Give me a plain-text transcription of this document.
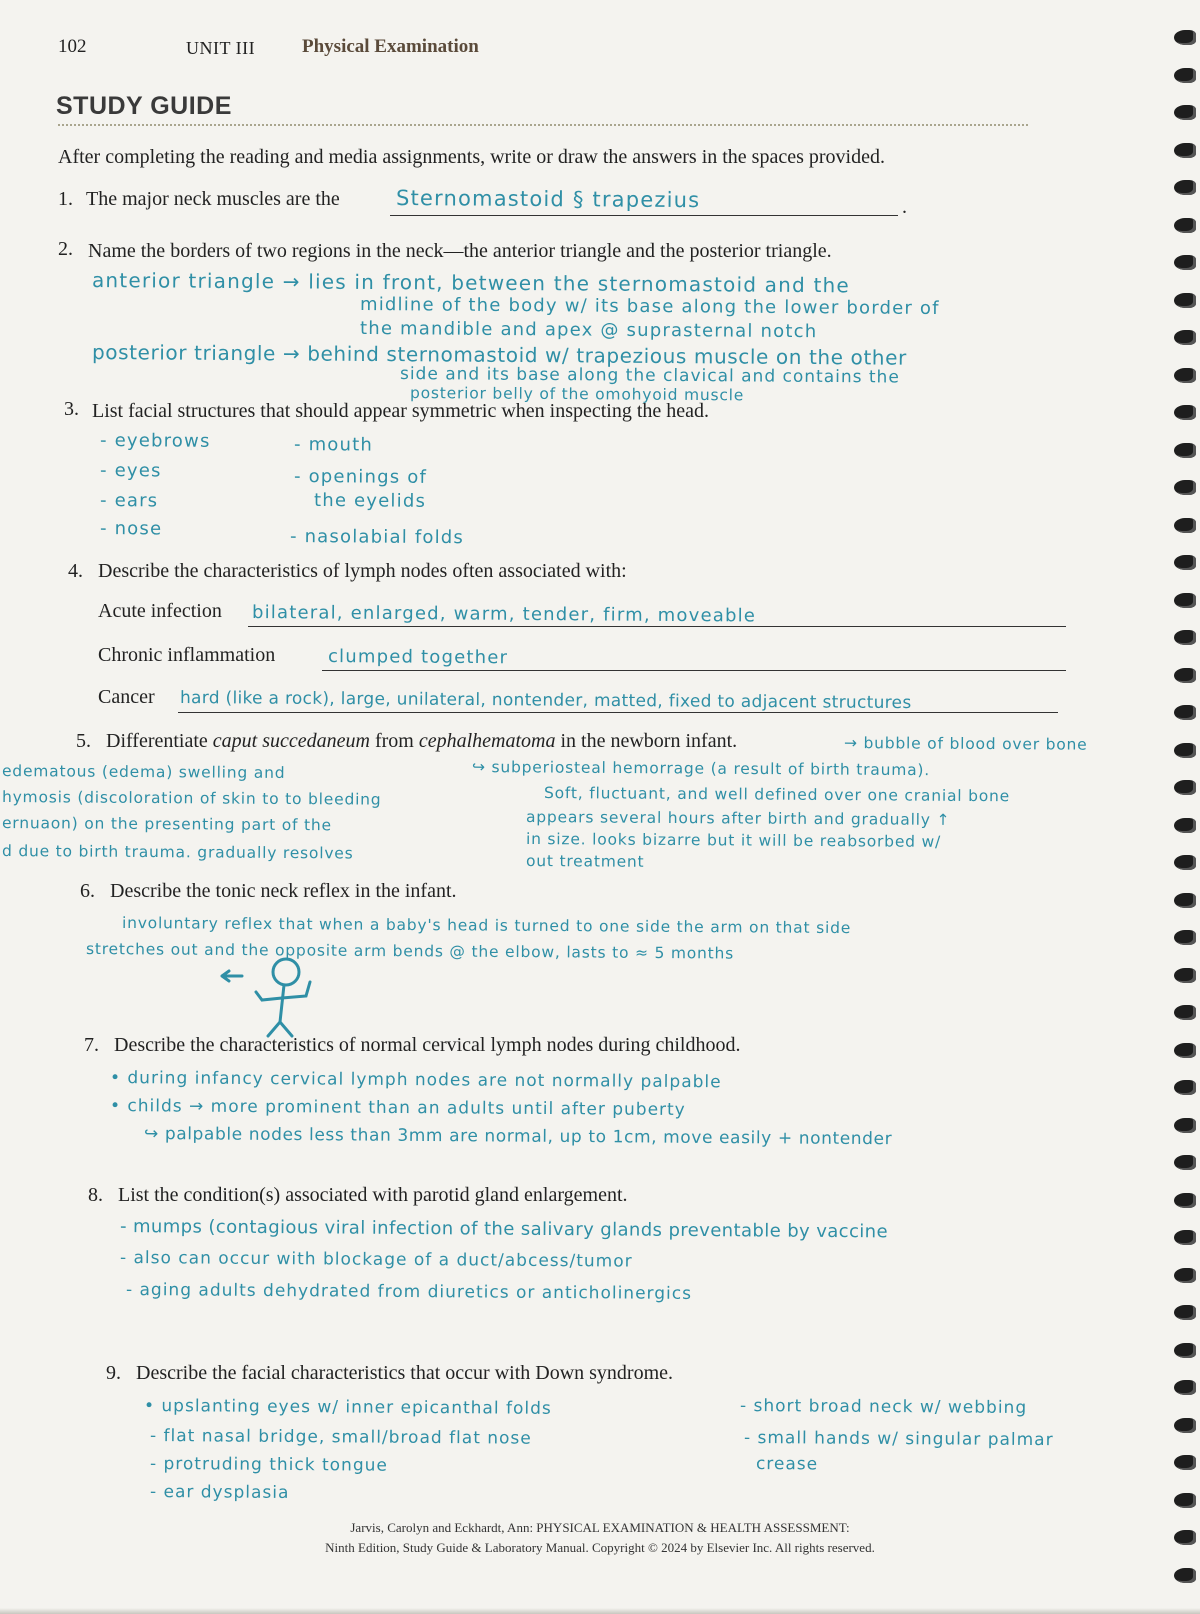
102	UNIT III Physical Examination
STUDY GUIDE
After completing the reading and media assignments, write or draw the answers in the spaces provided.
1. The major neck muscles are the	Sternomastoid § trapezius	.
2. Name the borders of two regions in the neck—the anterior triangle and the posterior triangle.
anterior triangle → lies in front, between the sternomastoid and the
midline of the body w/ its base along the lower border of
the mandible and apex @ suprasternal notch
posterior triangle → behind sternomastoid w/ trapezious muscle on the other
side and its base along the clavical and contains the
posterior belly of the omohyoid muscle
3. List facial structures that should appear symmetric when inspecting the head.
- eyebrows
- eyes
- ears
- nose
- mouth
- openings of
the eyelids
- nasolabial folds
4. Describe the characteristics of lymph nodes often associated with:
Acute infection bilateral, enlarged, warm, tender, firm, moveable
Chronic inflammation	clumped together
Cancer hard (like a rock), large, unilateral, nontender, matted, fixed to adjacent structures
5. Differentiate caput succedaneum from cephalhematoma in the newborn infant.	→ bubble of blood over bone
↪ subperiosteal hemorrage (a result of birth trauma).
Soft, fluctuant, and well defined over one cranial bone
appears several hours after birth and gradually ↑
in size. looks bizarre but it will be reabsorbed w/
out treatment
edematous (edema) swelling and
hymosis (discoloration of skin to to bleeding
ernuaon) on the presenting part of the
d due to birth trauma. gradually resolves
6. Describe the tonic neck reflex in the infant.
involuntary reflex that when a baby's head is turned to one side the arm on that side
stretches out and the opposite arm bends @ the elbow, lasts to ≈ 5 months
7. Describe the characteristics of normal cervical lymph nodes during childhood.
• during infancy cervical lymph nodes are not normally palpable
• childs → more prominent than an adults until after puberty
↪ palpable nodes less than 3mm are normal, up to 1cm, move easily + nontender
8. List the condition(s) associated with parotid gland enlargement.
- mumps (contagious viral infection of the salivary glands preventable by vaccine
- also can occur with blockage of a duct/abcess/tumor
- aging adults dehydrated from diuretics or anticholinergics
9. Describe the facial characteristics that occur with Down syndrome.
• upslanting eyes w/ inner epicanthal folds
- flat nasal bridge, small/broad flat nose
- protruding thick tongue
- ear dysplasia
- short broad neck w/ webbing
- small hands w/ singular palmar
crease
Jarvis, Carolyn and Eckhardt, Ann: PHYSICAL EXAMINATION & HEALTH ASSESSMENT:
Ninth Edition, Study Guide & Laboratory Manual. Copyright © 2024 by Elsevier Inc. All rights reserved.
